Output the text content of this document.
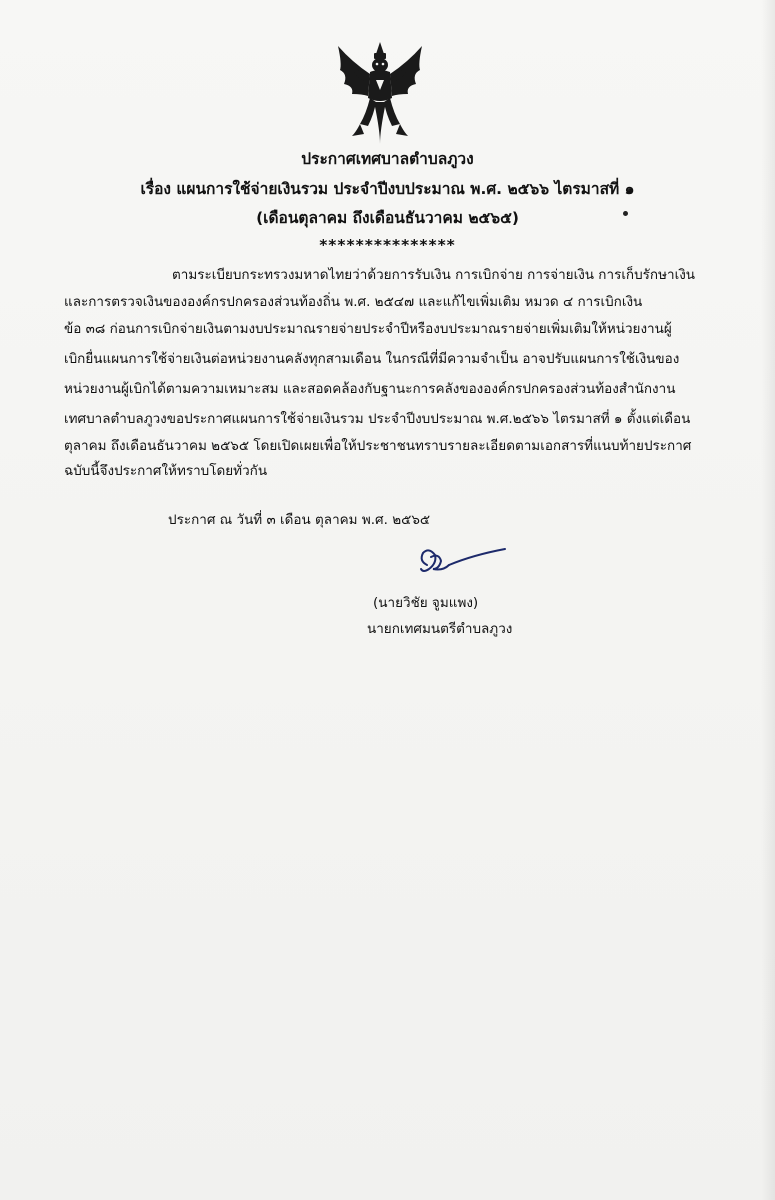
ประกาศเทศบาลตำบลภูวง
เรื่อง แผนการใช้จ่ายเงินรวม ประจำปีงบประมาณ พ.ศ. ๒๕๖๖ ไตรมาสที่ ๑
(เดือนตุลาคม ถึงเดือนธันวาคม ๒๕๖๕)
***************
ตามระเบียบกระทรวงมหาดไทยว่าด้วยการรับเงิน การเบิกจ่าย การจ่ายเงิน การเก็บรักษาเงิน
และการตรวจเงินขององค์กรปกครองส่วนท้องถิ่น พ.ศ. ๒๕๔๗ และแก้ไขเพิ่มเติม หมวด ๔ การเบิกเงิน
ข้อ ๓๘ ก่อนการเบิกจ่ายเงินตามงบประมาณรายจ่ายประจำปีหรืองบประมาณรายจ่ายเพิ่มเติมให้หน่วยงานผู้
เบิกยื่นแผนการใช้จ่ายเงินต่อหน่วยงานคลังทุกสามเดือน ในกรณีที่มีความจำเป็น อาจปรับแผนการใช้เงินของ
หน่วยงานผู้เบิกได้ตามความเหมาะสม และสอดคล้องกับฐานะการคลังขององค์กรปกครองส่วนท้องสำนักงาน
เทศบาลตำบลภูวงขอประกาศแผนการใช้จ่ายเงินรวม ประจำปีงบประมาณ พ.ศ.๒๕๖๖ ไตรมาสที่ ๑ ตั้งแต่เดือน
ตุลาคม ถึงเดือนธันวาคม ๒๕๖๕ โดยเปิดเผยเพื่อให้ประชาชนทราบรายละเอียดตามเอกสารที่แนบท้ายประกาศ
ฉบับนี้จึงประกาศให้ทราบโดยทั่วกัน
ประกาศ ณ วันที่ ๓ เดือน ตุลาคม พ.ศ. ๒๕๖๕
(นายวิชัย จูมแพง)
นายกเทศมนตรีตำบลภูวง
